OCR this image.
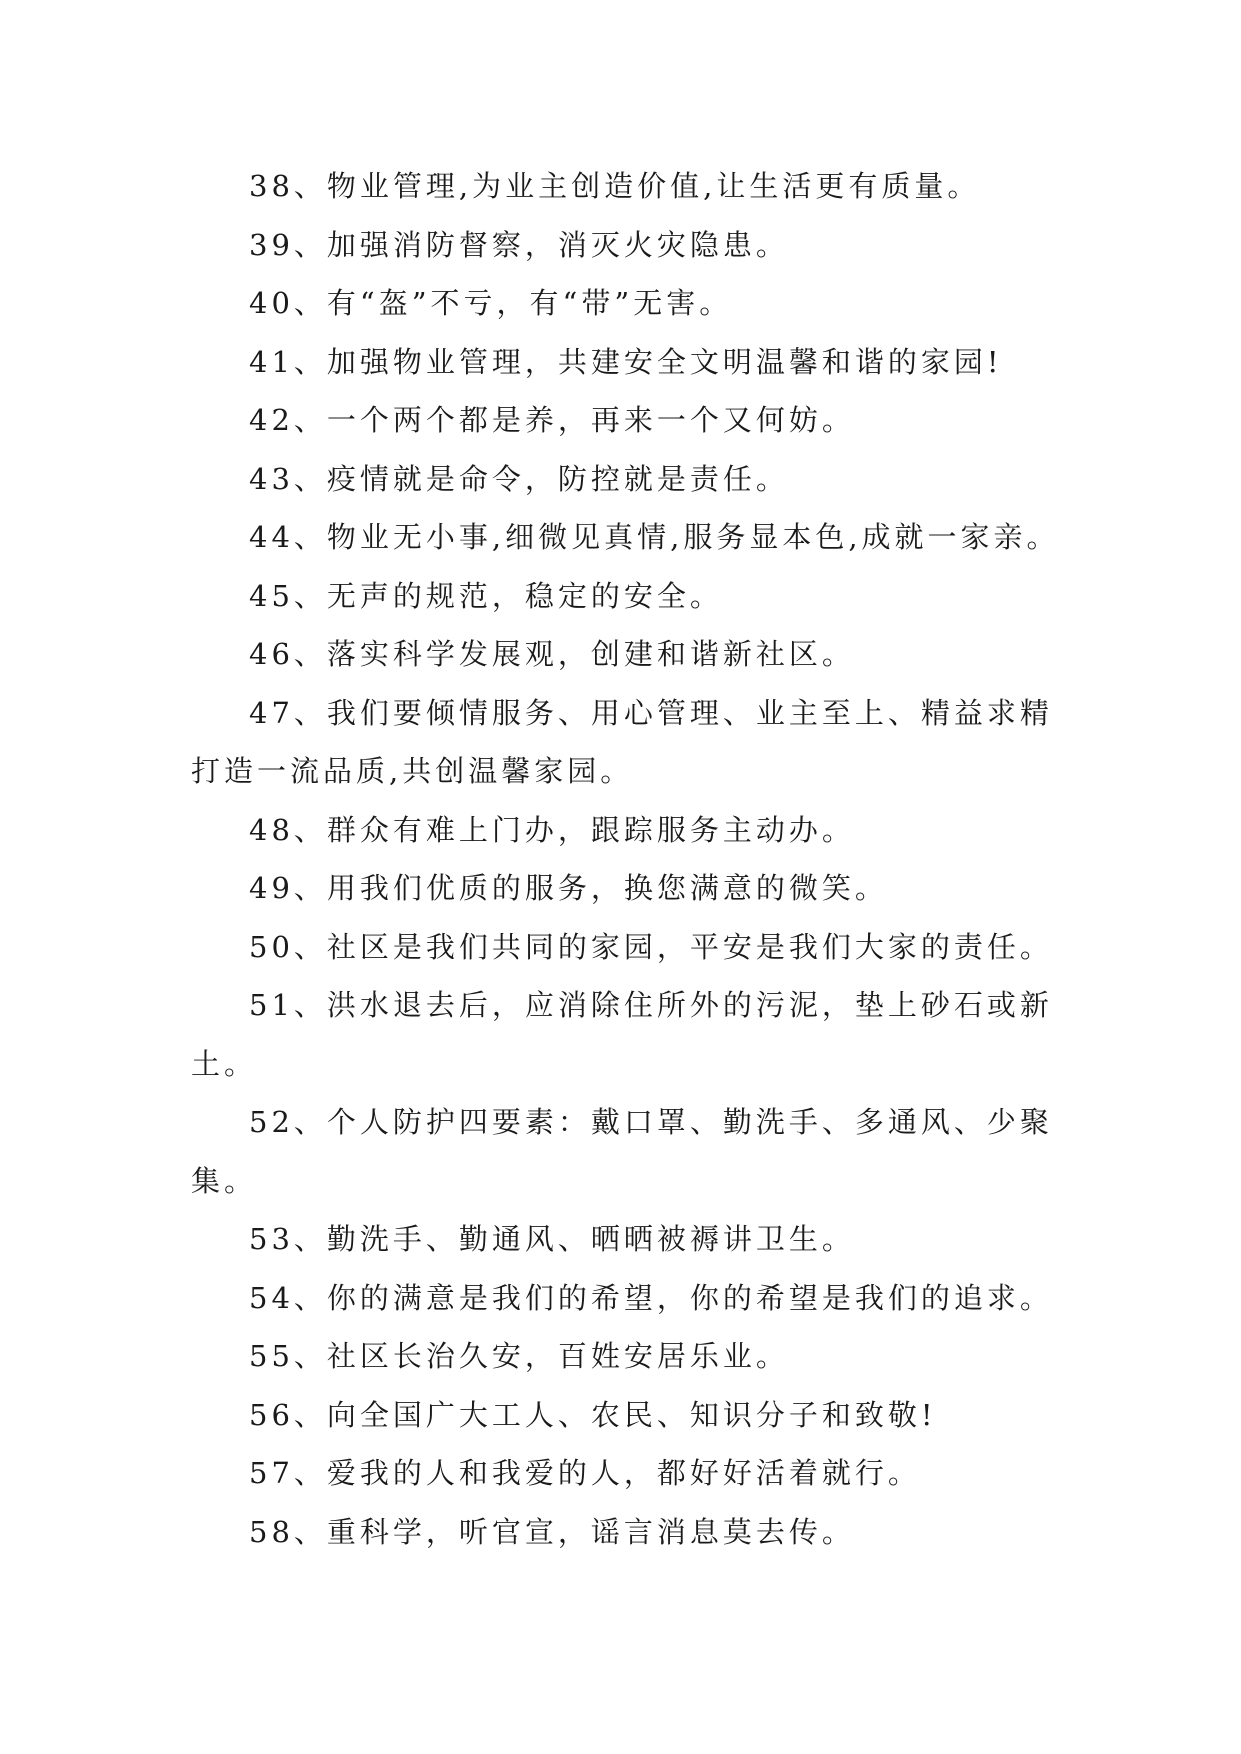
38、物业管理,为业主创造价值,让生活更有质量。

39、加强消防督察，消灭火灾隐患。

40、有“盔”不亏，有“带”无害。

41、加强物业管理，共建安全文明温馨和谐的家园!

42、一个两个都是养，再来一个又何妨。

43、疫情就是命令，防控就是责任。

44、物业无小事,细微见真情,服务显本色,成就一家亲。

45、无声的规范，稳定的安全。

46、落实科学发展观，创建和谐新社区。

47、我们要倾情服务、用心管理、业主至上、精益求精打造一流品质,共创温馨家园。

48、群众有难上门办，跟踪服务主动办。

49、用我们优质的服务，换您满意的微笑。

50、社区是我们共同的家园，平安是我们大家的责任。

51、洪水退去后，应消除住所外的污泥，垫上砂石或新土。

52、个人防护四要素：戴口罩、勤洗手、多通风、少聚集。

53、勤洗手、勤通风、晒晒被褥讲卫生。

54、你的满意是我们的希望，你的希望是我们的追求。

55、社区长治久安，百姓安居乐业。

56、向全国广大工人、农民、知识分子和致敬!

57、爱我的人和我爱的人，都好好活着就行。

58、重科学，听官宣，谣言消息莫去传。
